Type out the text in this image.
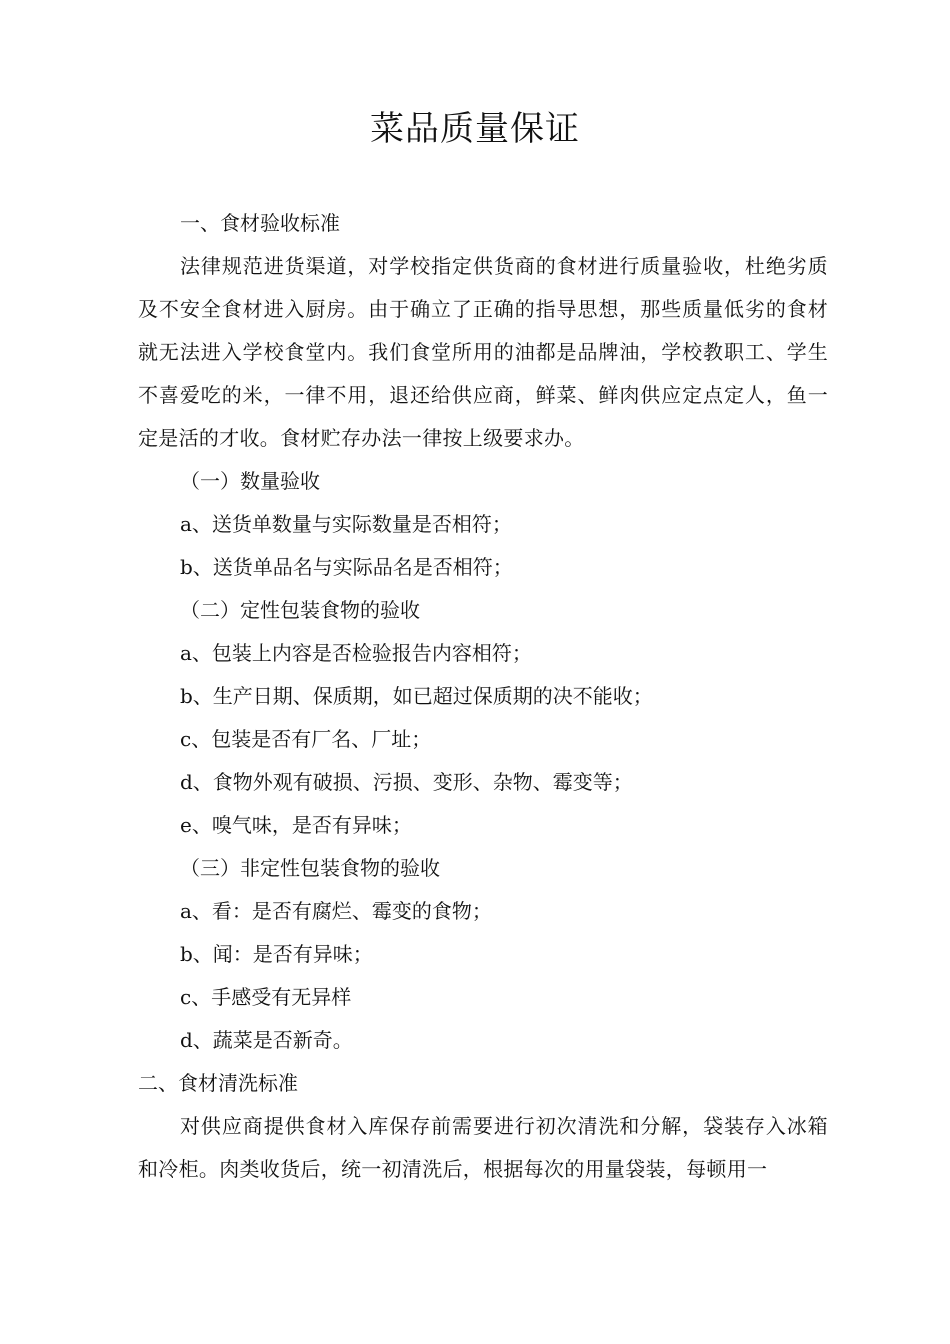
菜品质量保证

一、食材验收标准

法律规范进货渠道，对学校指定供货商的食材进行质量验收，杜绝劣质及不安全食材进入厨房。由于确立了正确的指导思想，那些质量低劣的食材就无法进入学校食堂内。我们食堂所用的油都是品牌油，学校教职工、学生不喜爱吃的米，一律不用，退还给供应商，鲜菜、鲜肉供应定点定人，鱼一定是活的才收。食材贮存办法一律按上级要求办。

（一）数量验收

a、送货单数量与实际数量是否相符；

b、送货单品名与实际品名是否相符；

（二）定性包装食物的验收

a、包装上内容是否检验报告内容相符；

b、生产日期、保质期，如已超过保质期的决不能收；

c、包装是否有厂名、厂址；

d、食物外观有破损、污损、变形、杂物、霉变等；

e、嗅气味，是否有异味；

（三）非定性包装食物的验收

a、看：是否有腐烂、霉变的食物；

b、闻：是否有异味；

c、手感受有无异样

d、蔬菜是否新奇。

二、食材清洗标准

对供应商提供食材入库保存前需要进行初次清洗和分解，袋装存入冰箱和冷柜。肉类收货后，统一初清洗后，根据每次的用量袋装，每顿用一
